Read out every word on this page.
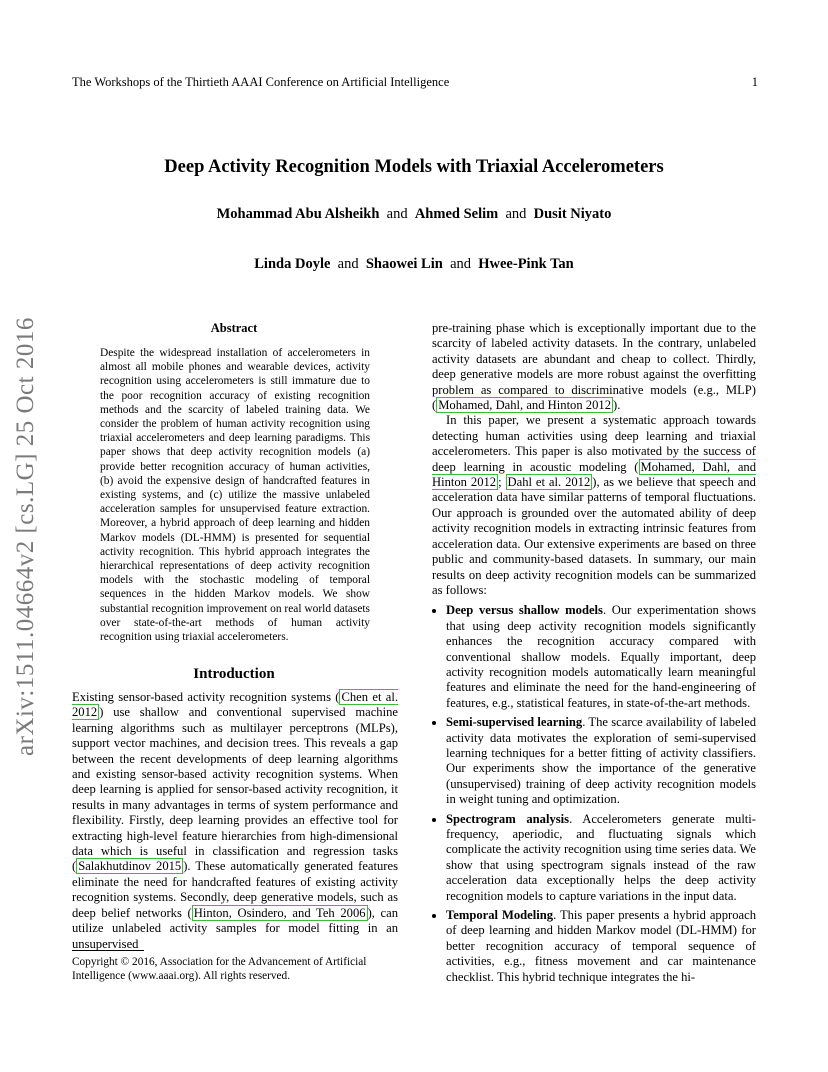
The Workshops of the Thirtieth AAAI Conference on Artificial Intelligence	1
arXiv:1511.04664v2 [cs.LG] 25 Oct 2016
Deep Activity Recognition Models with Triaxial Accelerometers
Mohammad Abu Alsheikh and Ahmed Selim and Dusit Niyato
Linda Doyle and Shaowei Lin and Hwee-Pink Tan
Abstract
Despite the widespread installation of accelerometers in almost all mobile phones and wearable devices, activity recognition using accelerometers is still immature due to the poor recognition accuracy of existing recognition methods and the scarcity of labeled training data. We consider the problem of human activity recognition using triaxial accelerometers and deep learning paradigms. This paper shows that deep activity recognition models (a) provide better recognition accuracy of human activities, (b) avoid the expensive design of handcrafted features in existing systems, and (c) utilize the massive unlabeled acceleration samples for unsupervised feature extraction. Moreover, a hybrid approach of deep learning and hidden Markov models (DL-HMM) is presented for sequential activity recognition. This hybrid approach integrates the hierarchical representations of deep activity recognition models with the stochastic modeling of temporal sequences in the hidden Markov models. We show substantial recognition improvement on real world datasets over state-of-the-art methods of human activity recognition using triaxial accelerometers.
Introduction
Existing sensor-based activity recognition systems ( Chen et al. 2012 ) use shallow and conventional supervised machine learning algorithms such as multilayer perceptrons (MLPs), support vector machines, and decision trees. This reveals a gap between the recent developments of deep learning algorithms and existing sensor-based activity recognition systems. When deep learning is applied for sensor-based activity recognition, it results in many advantages in terms of system performance and flexibility. Firstly, deep learning provides an effective tool for extracting high-level feature hierarchies from high-dimensional data which is useful in classification and regression tasks ( Salakhutdinov 2015 ). These automatically generated features eliminate the need for handcrafted features of existing activity recognition systems. Secondly, deep generative models, such as deep belief networks ( Hinton, Osindero, and Teh 2006 ), can utilize unlabeled activity samples for model fitting in an unsupervised

pre-training phase which is exceptionally important due to the scarcity of labeled activity datasets. In the contrary, unlabeled activity datasets are abundant and cheap to collect. Thirdly, deep generative models are more robust against the overfitting problem as compared to discriminative models (e.g., MLP) ( Mohamed, Dahl, and Hinton 2012 ).

In this paper, we present a systematic approach towards detecting human activities using deep learning and triaxial accelerometers. This paper is also motivated by the success of deep learning in acoustic modeling ( Mohamed, Dahl, and Hinton 2012 ; Dahl et al. 2012 ), as we believe that speech and acceleration data have similar patterns of temporal fluctuations. Our approach is grounded over the automated ability of deep activity recognition models in extracting intrinsic features from acceleration data. Our extensive experiments are based on three public and community-based datasets. In summary, our main results on deep activity recognition models can be summarized as follows:

• Deep versus shallow models. Our experimentation shows that using deep activity recognition models significantly enhances the recognition accuracy compared with conventional shallow models. Equally important, deep activity recognition models automatically learn meaningful features and eliminate the need for the hand-engineering of features, e.g., statistical features, in state-of-the-art methods.
• Semi-supervised learning. The scarce availability of labeled activity data motivates the exploration of semi-supervised learning techniques for a better fitting of activity classifiers. Our experiments show the importance of the generative (unsupervised) training of deep activity recognition models in weight tuning and optimization.
• Spectrogram analysis. Accelerometers generate multi-frequency, aperiodic, and fluctuating signals which complicate the activity recognition using time series data. We show that using spectrogram signals instead of the raw acceleration data exceptionally helps the deep activity recognition models to capture variations in the input data.
• Temporal Modeling. This paper presents a hybrid approach of deep learning and hidden Markov model (DL-HMM) for better recognition accuracy of temporal sequence of activities, e.g., fitness movement and car maintenance checklist. This hybrid technique integrates the hi-
Copyright © 2016, Association for the Advancement of Artificial Intelligence (www.aaai.org). All rights reserved.
